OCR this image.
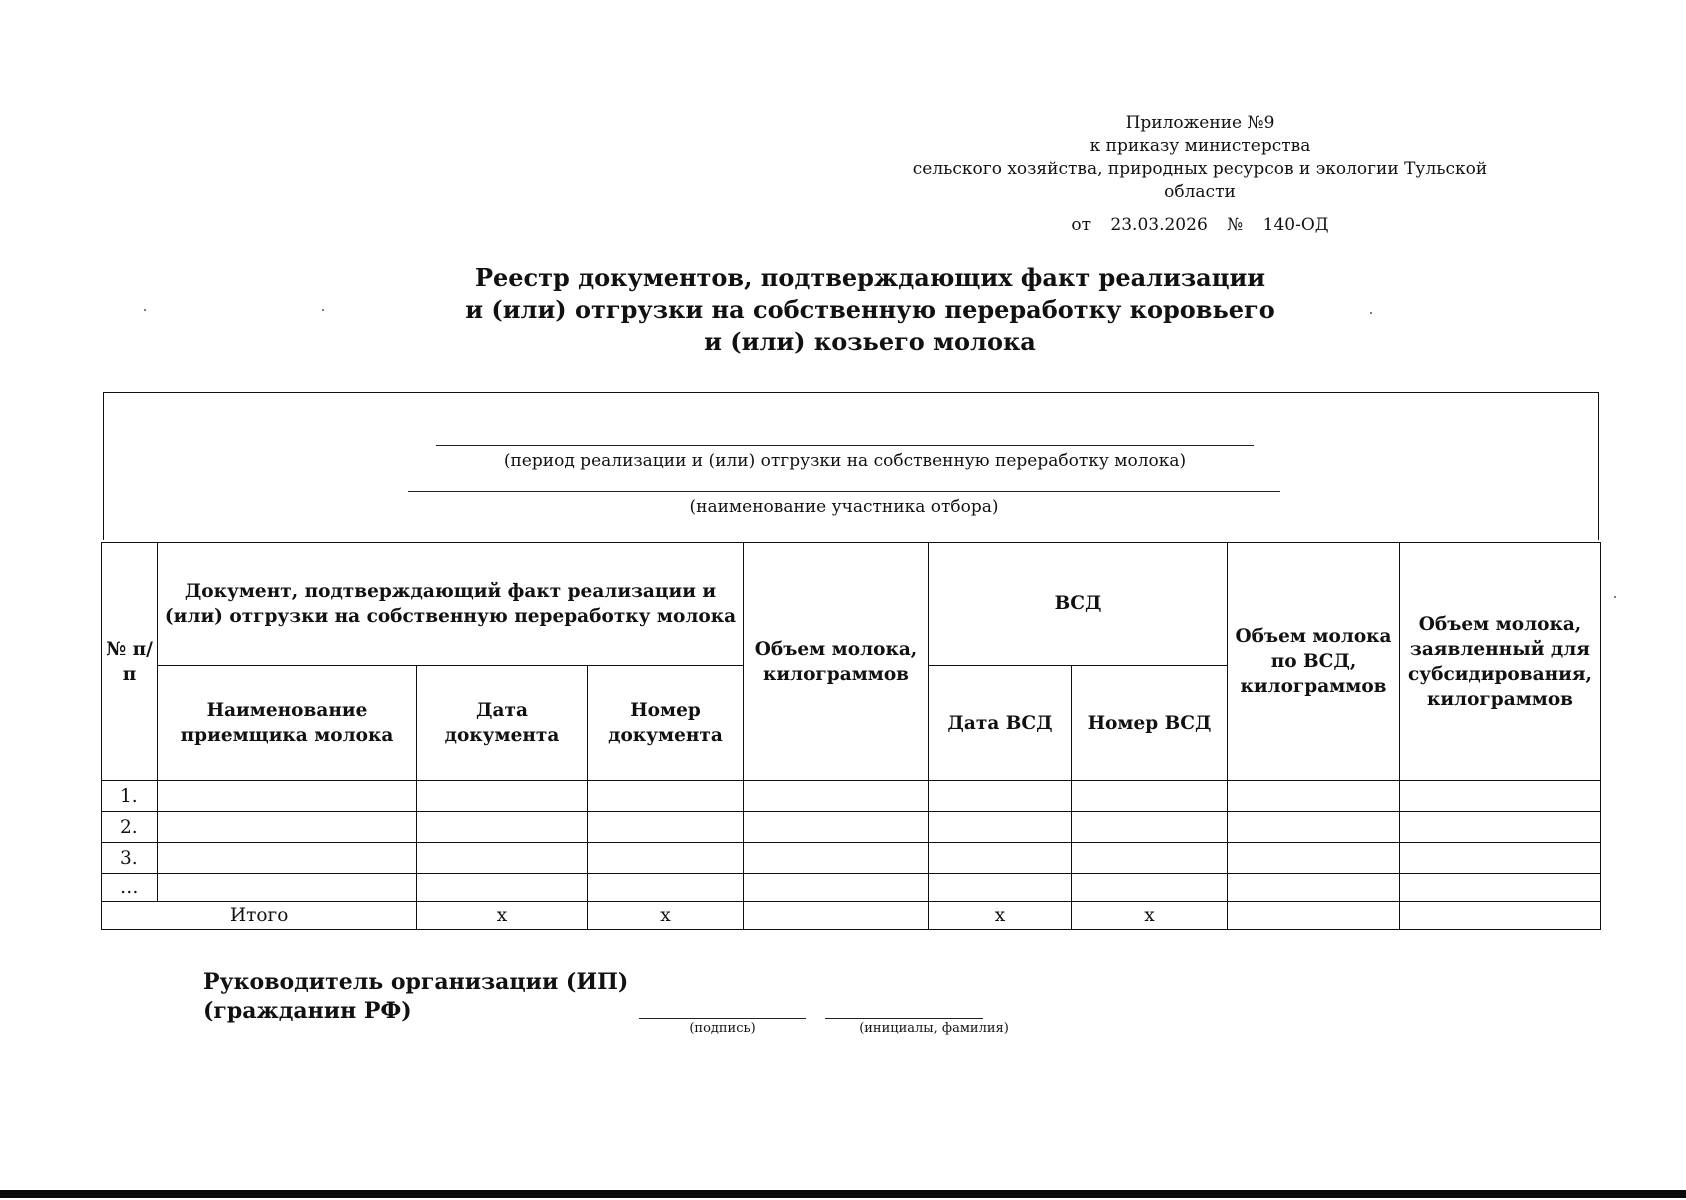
Приложение №9
к приказу министерства
сельского хозяйства, природных ресурсов и экологии Тульской
области
от 23.03.2026 № 140-ОД
Реестр документов, подтверждающих факт реализации
и (или) отгрузки на собственную переработку коровьего
и (или) козьего молока
(период реализации и (или) отгрузки на собственную переработку молока)
(наименование участника отбора)
№ п/п	Документ, подтверждающий факт реализации и (или) отгрузки на собственную переработку молока			Объем молока, килограммов	ВСД		Объем молока по ВСД, килограммов	Объем молока, заявленный для субсидирования, килограммов
	Наименование приемщика молока	Дата документа	Номер документа		Дата ВСД	Номер ВСД		
1.								
2.								
3.								
…								
Итого		х	х		х	х		
Руководитель организации (ИП)
(гражданин РФ)
(подпись)	(инициалы, фамилия)
